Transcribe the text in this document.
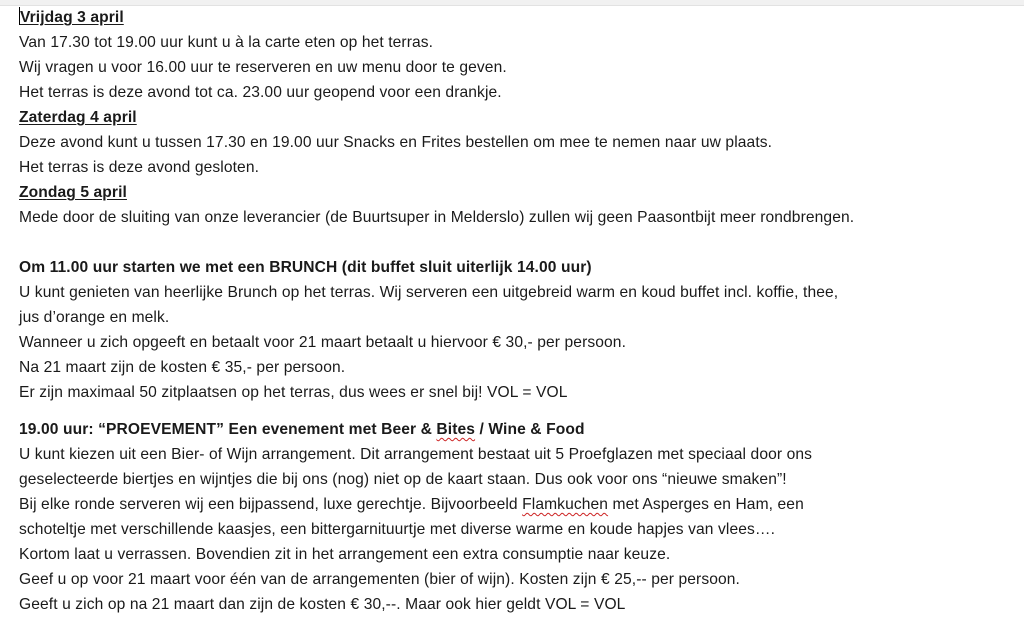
Vrijdag 3 april
Van 17.30 tot 19.00 uur kunt u à la carte eten op het terras.
Wij vragen u voor 16.00 uur te reserveren en uw menu door te geven.
Het terras is deze avond tot ca. 23.00 uur geopend voor een drankje.
Zaterdag 4 april
Deze avond kunt u tussen 17.30 en 19.00 uur Snacks en Frites bestellen om mee te nemen naar uw plaats.
Het terras is deze avond gesloten.
Zondag 5 april
Mede door de sluiting van onze leverancier (de Buurtsuper in Melderslo) zullen wij geen Paasontbijt meer rondbrengen.
Om 11.00 uur starten we met een BRUNCH (dit buffet sluit uiterlijk 14.00 uur)
U kunt genieten van heerlijke Brunch op het terras. Wij serveren een uitgebreid warm en koud buffet incl. koffie, thee,
jus d’orange en melk.
Wanneer u zich opgeeft en betaalt voor 21 maart betaalt u hiervoor € 30,- per persoon.
Na 21 maart zijn de kosten € 35,- per persoon.
Er zijn maximaal 50 zitplaatsen op het terras, dus wees er snel bij! VOL = VOL
19.00 uur: “PROEVEMENT” Een evenement met Beer & Bites / Wine & Food
U kunt kiezen uit een Bier- of Wijn arrangement. Dit arrangement bestaat uit 5 Proefglazen met speciaal door ons
geselecteerde biertjes en wijntjes die bij ons (nog) niet op de kaart staan. Dus ook voor ons “nieuwe smaken”!
Bij elke ronde serveren wij een bijpassend, luxe gerechtje. Bijvoorbeeld Flamkuchen met Asperges en Ham, een
schoteltje met verschillende kaasjes, een bittergarnituurtje met diverse warme en koude hapjes van vlees….
Kortom laat u verrassen. Bovendien zit in het arrangement een extra consumptie naar keuze.
Geef u op voor 21 maart voor één van de arrangementen (bier of wijn). Kosten zijn € 25,-- per persoon.
Geeft u zich op na 21 maart dan zijn de kosten € 30,--. Maar ook hier geldt VOL = VOL
